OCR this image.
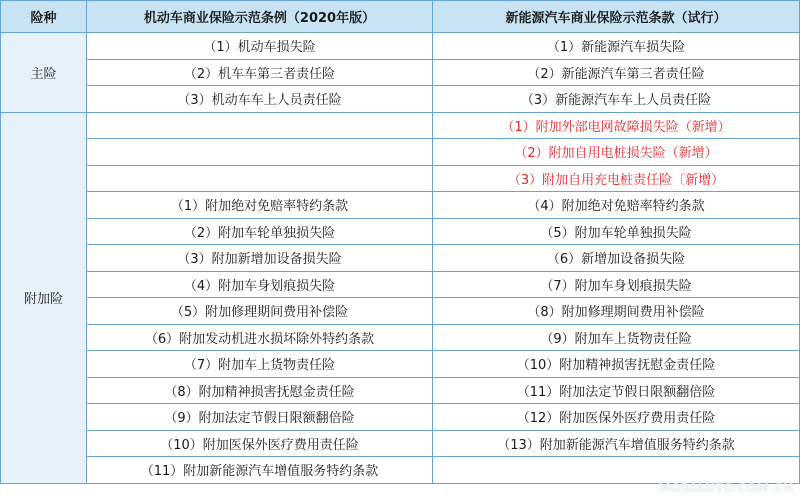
险种	机动车商业保险示范条例（2020年版）	新能源汽车商业保险示范条款（试行）
主险	（1）机动车损失险	（1）新能源汽车损失险
	（2）机车车第三者责任险	（2）新能源汽车第三者责任险
	（3）机动车车上人员责任险	（3）新能源汽车车上人员责任险
附加险		（1）附加外部电网故障损失险（新增）
		（2）附加自用电桩损失险（新增）
		（3）附加自用充电桩责任险〔新增）
	（1）附加绝对免赔率特约条款	（4）附加绝对免赔率特约条款
	（2）附加车轮单独损失险	（5）附加车轮单独损失险
	（3）附加新增加设备损失险	（6）新增加设备损失险
	（4）附加车身划痕损失险	（7）附加车身划痕损失险
	（5）附加修理期间费用补偿险	（8）附加修理期间费用补偿险
	（6）附加发动机进水损坏除外特约条款	（9）附加车上货物责任险
	（7）附加车上货物责任险	（10）附加精神损害抚慰金责任险
	（8）附加精神损害抚慰金责任险	（11）附加法定节假日限额翻倍险
	（9）附加法定节假日限额翻倍险	（12）附加医保外医疗费用责任险
	（10）附加医保外医疗费用责任险	（13）附加新能源汽车增值服务特约条款
	（11）附加新能源汽车增值服务特约条款	
MODIAUTO.COM.CN
